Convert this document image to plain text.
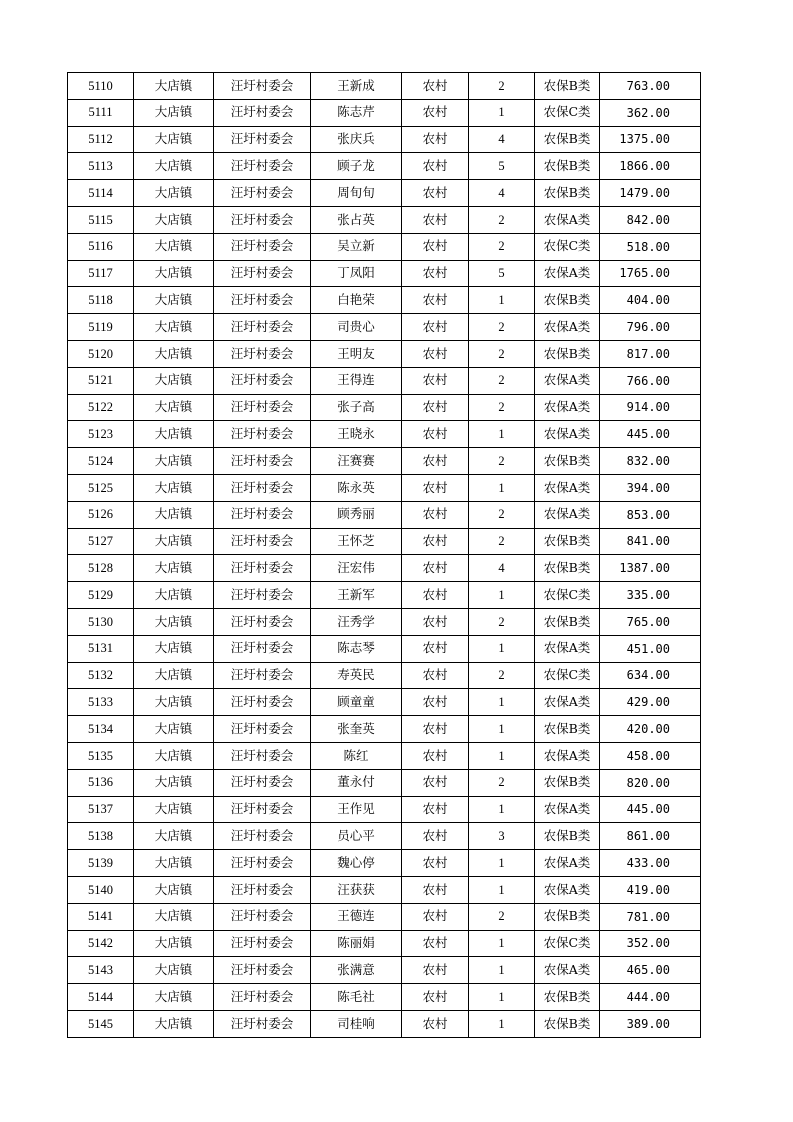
5110	大店镇	汪圩村委会	王新成	农村	2	农保B类	763.00
5111	大店镇	汪圩村委会	陈志芹	农村	1	农保C类	362.00
5112	大店镇	汪圩村委会	张庆兵	农村	4	农保B类	1375.00
5113	大店镇	汪圩村委会	顾子龙	农村	5	农保B类	1866.00
5114	大店镇	汪圩村委会	周旬旬	农村	4	农保B类	1479.00
5115	大店镇	汪圩村委会	张占英	农村	2	农保A类	842.00
5116	大店镇	汪圩村委会	吴立新	农村	2	农保C类	518.00
5117	大店镇	汪圩村委会	丁凤阳	农村	5	农保A类	1765.00
5118	大店镇	汪圩村委会	白艳荣	农村	1	农保B类	404.00
5119	大店镇	汪圩村委会	司贵心	农村	2	农保A类	796.00
5120	大店镇	汪圩村委会	王明友	农村	2	农保B类	817.00
5121	大店镇	汪圩村委会	王得连	农村	2	农保A类	766.00
5122	大店镇	汪圩村委会	张子高	农村	2	农保A类	914.00
5123	大店镇	汪圩村委会	王晓永	农村	1	农保A类	445.00
5124	大店镇	汪圩村委会	汪赛赛	农村	2	农保B类	832.00
5125	大店镇	汪圩村委会	陈永英	农村	1	农保A类	394.00
5126	大店镇	汪圩村委会	顾秀丽	农村	2	农保A类	853.00
5127	大店镇	汪圩村委会	王怀芝	农村	2	农保B类	841.00
5128	大店镇	汪圩村委会	汪宏伟	农村	4	农保B类	1387.00
5129	大店镇	汪圩村委会	王新军	农村	1	农保C类	335.00
5130	大店镇	汪圩村委会	汪秀学	农村	2	农保B类	765.00
5131	大店镇	汪圩村委会	陈志琴	农村	1	农保A类	451.00
5132	大店镇	汪圩村委会	寿英民	农村	2	农保C类	634.00
5133	大店镇	汪圩村委会	顾童童	农村	1	农保A类	429.00
5134	大店镇	汪圩村委会	张奎英	农村	1	农保B类	420.00
5135	大店镇	汪圩村委会	陈红	农村	1	农保A类	458.00
5136	大店镇	汪圩村委会	董永付	农村	2	农保B类	820.00
5137	大店镇	汪圩村委会	王作见	农村	1	农保A类	445.00
5138	大店镇	汪圩村委会	员心平	农村	3	农保B类	861.00
5139	大店镇	汪圩村委会	魏心停	农村	1	农保A类	433.00
5140	大店镇	汪圩村委会	汪获获	农村	1	农保A类	419.00
5141	大店镇	汪圩村委会	王德连	农村	2	农保B类	781.00
5142	大店镇	汪圩村委会	陈丽娟	农村	1	农保C类	352.00
5143	大店镇	汪圩村委会	张满意	农村	1	农保A类	465.00
5144	大店镇	汪圩村委会	陈毛社	农村	1	农保B类	444.00
5145	大店镇	汪圩村委会	司桂响	农村	1	农保B类	389.00
